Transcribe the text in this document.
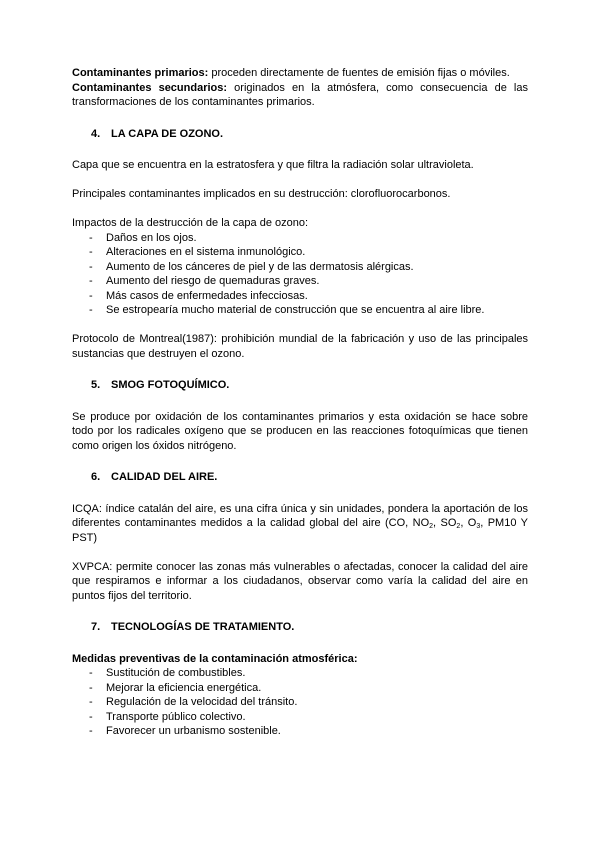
Contaminantes primarios: proceden directamente de fuentes de emisión fijas o móviles.

Contaminantes secundarios: originados en la atmósfera, como consecuencia de las transformaciones de los contaminantes primarios.

4. LA CAPA DE OZONO.

Capa que se encuentra en la estratosfera y que filtra la radiación solar ultravioleta.

Principales contaminantes implicados en su destrucción: clorofluorocarbonos.

Impactos de la destrucción de la capa de ozono:

- Daños en los ojos.
- Alteraciones en el sistema inmunológico.
- Aumento de los cánceres de piel y de las dermatosis alérgicas.
- Aumento del riesgo de quemaduras graves.
- Más casos de enfermedades infecciosas.
- Se estropearía mucho material de construcción que se encuentra al aire libre.

Protocolo de Montreal(1987): prohibición mundial de la fabricación y uso de las principales sustancias que destruyen el ozono.

5. SMOG FOTOQUÍMICO.

Se produce por oxidación de los contaminantes primarios y esta oxidación se hace sobre todo por los radicales oxígeno que se producen en las reacciones fotoquímicas que tienen como origen los óxidos nitrógeno.

6. CALIDAD DEL AIRE.

ICQA: índice catalán del aire, es una cifra única y sin unidades, pondera la aportación de los diferentes contaminantes medidos a la calidad global del aire (CO, $NO_2$, $SO_2$, $O_3$, PM10 Y PST)

XVPCA: permite conocer las zonas más vulnerables o afectadas, conocer la calidad del aire que respiramos e informar a los ciudadanos, observar como varía la calidad del aire en puntos fijos del territorio.

7. TECNOLOGÍAS DE TRATAMIENTO.

Medidas preventivas de la contaminación atmosférica:

- Sustitución de combustibles.
- Mejorar la eficiencia energética.
- Regulación de la velocidad del tránsito.
- Transporte público colectivo.
- Favorecer un urbanismo sostenible.
